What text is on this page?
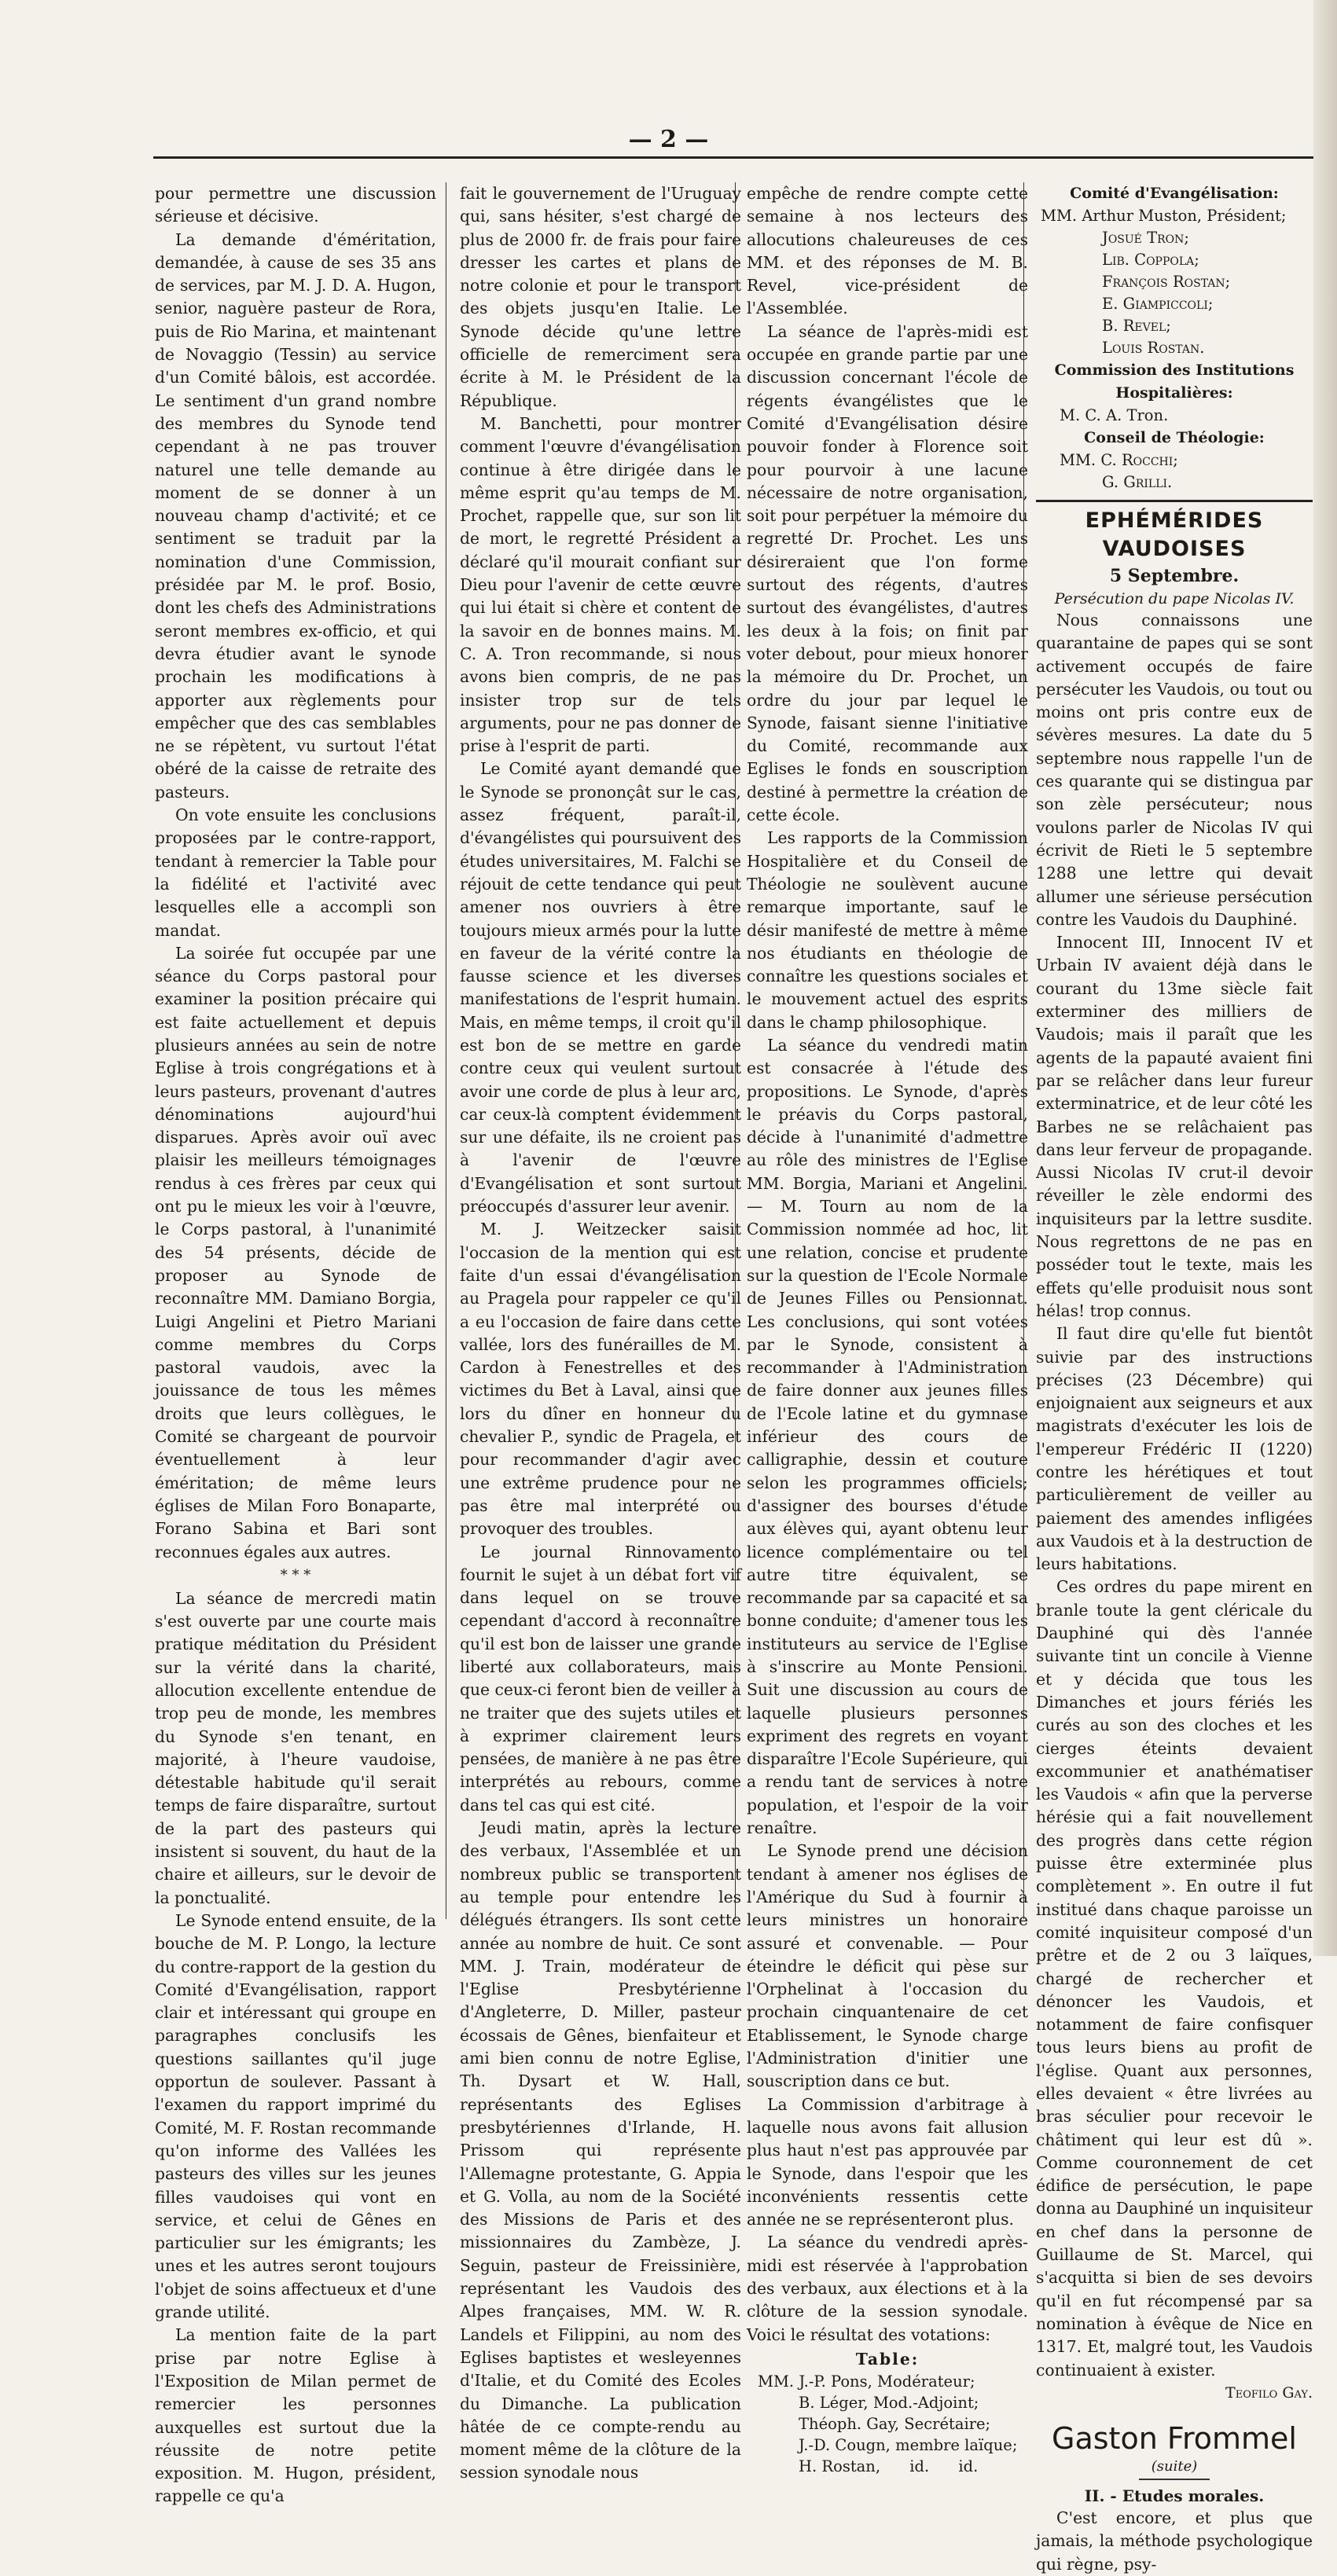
— 2 —

pour permettre une discussion sérieuse et décisive.

La demande d'éméritation, demandée, à cause de ses 35 ans de services, par M. J. D. A. Hugon, senior, naguère pasteur de Rora, puis de Rio Marina, et maintenant de Novaggio (Tessin) au service d'un Comité bâlois, est accordée. Le sentiment d'un grand nombre des membres du Synode tend cependant à ne pas trouver naturel une telle demande au moment de se donner à un nouveau champ d'activité; et ce sentiment se traduit par la nomination d'une Commission, présidée par M. le prof. Bosio, dont les chefs des Administrations seront membres ex-officio, et qui devra étudier avant le synode prochain les modifications à apporter aux règlements pour empêcher que des cas semblables ne se répètent, vu surtout l'état obéré de la caisse de retraite des pasteurs.

On vote ensuite les conclusions proposées par le contre-rapport, tendant à remercier la Table pour la fidélité et l'activité avec lesquelles elle a accompli son mandat.

La soirée fut occupée par une séance du Corps pastoral pour examiner la position précaire qui est faite actuellement et depuis plusieurs années au sein de notre Eglise à trois congrégations et à leurs pasteurs, provenant d'autres dénominations aujourd'hui disparues. Après avoir ouï avec plaisir les meilleurs témoignages rendus à ces frères par ceux qui ont pu le mieux les voir à l'œuvre, le Corps pastoral, à l'unanimité des 54 présents, décide de proposer au Synode de reconnaître MM. Damiano Borgia, Luigi Angelini et Pietro Mariani comme membres du Corps pastoral vaudois, avec la jouissance de tous les mêmes droits que leurs collègues, le Comité se chargeant de pourvoir éventuellement à leur éméritation; de même leurs églises de Milan Foro Bonaparte, Forano Sabina et Bari sont reconnues égales aux autres.

* * *

La séance de mercredi matin s'est ouverte par une courte mais pratique méditation du Président sur la vérité dans la charité, allocution excellente entendue de trop peu de monde, les membres du Synode s'en tenant, en majorité, à l'heure vaudoise, détestable habitude qu'il serait temps de faire disparaître, surtout de la part des pasteurs qui insistent si souvent, du haut de la chaire et ailleurs, sur le devoir de la ponctualité.

Le Synode entend ensuite, de la bouche de M. P. Longo, la lecture du contre-rapport de la gestion du Comité d'Evangélisation, rapport clair et intéressant qui groupe en paragraphes conclusifs les questions saillantes qu'il juge opportun de soulever. Passant à l'examen du rapport imprimé du Comité, M. F. Rostan recommande qu'on informe des Vallées les pasteurs des villes sur les jeunes filles vaudoises qui vont en service, et celui de Gênes en particulier sur les émigrants; les unes et les autres seront toujours l'objet de soins affectueux et d'une grande utilité.

La mention faite de la part prise par notre Eglise à l'Exposition de Milan permet de remercier les personnes auxquelles est surtout due la réussite de notre petite exposition. M. Hugon, président, rappelle ce qu'a

fait le gouvernement de l'Uruguay qui, sans hésiter, s'est chargé de plus de 2000 fr. de frais pour faire dresser les cartes et plans de notre colonie et pour le transport des objets jusqu'en Italie. Le Synode décide qu'une lettre officielle de remerciment sera écrite à M. le Président de la République.

M. Banchetti, pour montrer comment l'œuvre d'évangélisation continue à être dirigée dans le même esprit qu'au temps de M. Prochet, rappelle que, sur son lit de mort, le regretté Président a déclaré qu'il mourait confiant sur Dieu pour l'avenir de cette œuvre qui lui était si chère et content de la savoir en de bonnes mains. M. C. A. Tron recommande, si nous avons bien compris, de ne pas insister trop sur de tels arguments, pour ne pas donner de prise à l'esprit de parti.

Le Comité ayant demandé que le Synode se prononçât sur le cas, assez fréquent, paraît-il, d'évangélistes qui poursuivent des études universitaires, M. Falchi se réjouit de cette tendance qui peut amener nos ouvriers à être toujours mieux armés pour la lutte en faveur de la vérité contre la fausse science et les diverses manifestations de l'esprit humain. Mais, en même temps, il croit qu'il est bon de se mettre en garde contre ceux qui veulent surtout avoir une corde de plus à leur arc, car ceux-là comptent évidemment sur une défaite, ils ne croient pas à l'avenir de l'œuvre d'Evangélisation et sont surtout préoccupés d'assurer leur avenir.

M. J. Weitzecker saisit l'occasion de la mention qui est faite d'un essai d'évangélisation au Pragela pour rappeler ce qu'il a eu l'occasion de faire dans cette vallée, lors des funérailles de M. Cardon à Fenestrelles et des victimes du Bet à Laval, ainsi que lors du dîner en honneur du chevalier P., syndic de Pragela, et pour recommander d'agir avec une extrême prudence pour ne pas être mal interprété ou provoquer des troubles.

Le journal Rinnovamento fournit le sujet à un débat fort vif dans lequel on se trouve cependant d'accord à reconnaître qu'il est bon de laisser une grande liberté aux collaborateurs, mais que ceux-ci feront bien de veiller à ne traiter que des sujets utiles et à exprimer clairement leurs pensées, de manière à ne pas être interprétés au rebours, comme dans tel cas qui est cité.

Jeudi matin, après la lecture des verbaux, l'Assemblée et un nombreux public se transportent au temple pour entendre les délégués étrangers. Ils sont cette année au nombre de huit. Ce sont MM. J. Train, modérateur de l'Eglise Presbytérienne d'Angleterre, D. Miller, pasteur écossais de Gênes, bienfaiteur et ami bien connu de notre Eglise, Th. Dysart et W. Hall, représentants des Eglises presbytériennes d'Irlande, H. Prissom qui représente l'Allemagne protestante, G. Appia et G. Volla, au nom de la Société des Missions de Paris et des missionnaires du Zambèze, J. Seguin, pasteur de Freissinière, représentant les Vaudois des Alpes françaises, MM. W. R. Landels et Filippini, au nom des Eglises baptistes et wesleyennes d'Italie, et du Comité des Ecoles du Dimanche. La publication hâtée de ce compte-rendu au moment même de la clôture de la session synodale nous

empêche de rendre compte cette semaine à nos lecteurs des allocutions chaleureuses de ces MM. et des réponses de M. B. Revel, vice-président de l'Assemblée.

La séance de l'après-midi est occupée en grande partie par une discussion concernant l'école de régents évangélistes que le Comité d'Evangélisation désire pouvoir fonder à Florence soit pour pourvoir à une lacune nécessaire de notre organisation, soit pour perpétuer la mémoire du regretté Dr. Prochet. Les uns désireraient que l'on forme surtout des régents, d'autres surtout des évangélistes, d'autres les deux à la fois; on finit par voter debout, pour mieux honorer la mémoire du Dr. Prochet, un ordre du jour par lequel le Synode, faisant sienne l'initiative du Comité, recommande aux Eglises le fonds en souscription destiné à permettre la création de cette école.

Les rapports de la Commission Hospitalière et du Conseil de Théologie ne soulèvent aucune remarque importante, sauf le désir manifesté de mettre à même nos étudiants en théologie de connaître les questions sociales et le mouvement actuel des esprits dans le champ philosophique.

La séance du vendredi matin est consacrée à l'étude des propositions. Le Synode, d'après le préavis du Corps pastoral, décide à l'unanimité d'admettre au rôle des ministres de l'Eglise MM. Borgia, Mariani et Angelini. — M. Tourn au nom de la Commission nommée ad hoc, lit une relation, concise et prudente sur la question de l'Ecole Normale de Jeunes Filles ou Pensionnat. Les conclusions, qui sont votées par le Synode, consistent à recommander à l'Administration de faire donner aux jeunes filles de l'Ecole latine et du gymnase inférieur des cours de calligraphie, dessin et couture selon les programmes officiels; d'assigner des bourses d'étude aux élèves qui, ayant obtenu leur licence complémentaire ou tel autre titre équivalent, se recommande par sa capacité et sa bonne conduite; d'amener tous les instituteurs au service de l'Eglise à s'inscrire au Monte Pensioni. Suit une discussion au cours de laquelle plusieurs personnes expriment des regrets en voyant disparaître l'Ecole Supérieure, qui a rendu tant de services à notre population, et l'espoir de la voir renaître.

Le Synode prend une décision tendant à amener nos églises de l'Amérique du Sud à fournir à leurs ministres un honoraire assuré et convenable. — Pour éteindre le déficit qui pèse sur l'Orphelinat à l'occasion du prochain cinquantenaire de cet Etablissement, le Synode charge l'Administration d'initier une souscription dans ce but.

La Commission d'arbitrage à laquelle nous avons fait allusion plus haut n'est pas approuvée par le Synode, dans l'espoir que les inconvénients ressentis cette année ne se représenteront plus.

La séance du vendredi après-midi est réservée à l'approbation des verbaux, aux élections et à la clôture de la session synodale. Voici le résultat des votations:

Table:
MM. J.-P. Pons, Modérateur;
B. Léger, Mod.-Adjoint;
Théoph. Gay, Secrétaire;
J.-D. Cougn, membre laïque;
H. Rostan,      id.      id.
Comité d'Evangélisation:
MM. Arthur Muston, Président;
Josué Tron;
Lib. Coppola;
François Rostan;
E. Giampiccoli;
B. Revel;
Louis Rostan.
Commission des Institutions Hospitalières:
M. C. A. Tron.
Conseil de Théologie:
MM. C. Rocchi;
G. Grilli.
EPHÉMÉRIDES VAUDOISES
5 Septembre.
Persécution du pape Nicolas IV.

Nous connaissons une quarantaine de papes qui se sont activement occupés de faire persécuter les Vaudois, ou tout ou moins ont pris contre eux de sévères mesures. La date du 5 septembre nous rappelle l'un de ces quarante qui se distingua par son zèle persécuteur; nous voulons parler de Nicolas IV qui écrivit de Rieti le 5 septembre 1288 une lettre qui devait allumer une sérieuse persécution contre les Vaudois du Dauphiné.

Innocent III, Innocent IV et Urbain IV avaient déjà dans le courant du 13me siècle fait exterminer des milliers de Vaudois; mais il paraît que les agents de la papauté avaient fini par se relâcher dans leur fureur exterminatrice, et de leur côté les Barbes ne se relâchaient pas dans leur ferveur de propagande. Aussi Nicolas IV crut-il devoir réveiller le zèle endormi des inquisiteurs par la lettre susdite. Nous regrettons de ne pas en posséder tout le texte, mais les effets qu'elle produisit nous sont hélas! trop connus.

Il faut dire qu'elle fut bientôt suivie par des instructions précises (23 Décembre) qui enjoignaient aux seigneurs et aux magistrats d'exécuter les lois de l'empereur Frédéric II (1220) contre les hérétiques et tout particulièrement de veiller au paiement des amendes infligées aux Vaudois et à la destruction de leurs habitations.

Ces ordres du pape mirent en branle toute la gent cléricale du Dauphiné qui dès l'année suivante tint un concile à Vienne et y décida que tous les Dimanches et jours fériés les curés au son des cloches et les cierges éteints devaient excommunier et anathématiser les Vaudois « afin que la perverse hérésie qui a fait nouvellement des progrès dans cette région puisse être exterminée plus complètement ». En outre il fut institué dans chaque paroisse un comité inquisiteur composé d'un prêtre et de 2 ou 3 laïques, chargé de rechercher et dénoncer les Vaudois, et notamment de faire confisquer tous leurs biens au profit de l'église. Quant aux personnes, elles devaient « être livrées au bras séculier pour recevoir le châtiment qui leur est dû ». Comme couronnement de cet édifice de persécution, le pape donna au Dauphiné un inquisiteur en chef dans la personne de Guillaume de St. Marcel, qui s'acquitta si bien de ses devoirs qu'il en fut récompensé par sa nomination à évêque de Nice en 1317. Et, malgré tout, les Vaudois continuaient à exister.

Teofilo Gay.
Gaston Frommel
(suite)
II. - Etudes morales.

C'est encore, et plus que jamais, la méthode psychologique qui règne, psy-
